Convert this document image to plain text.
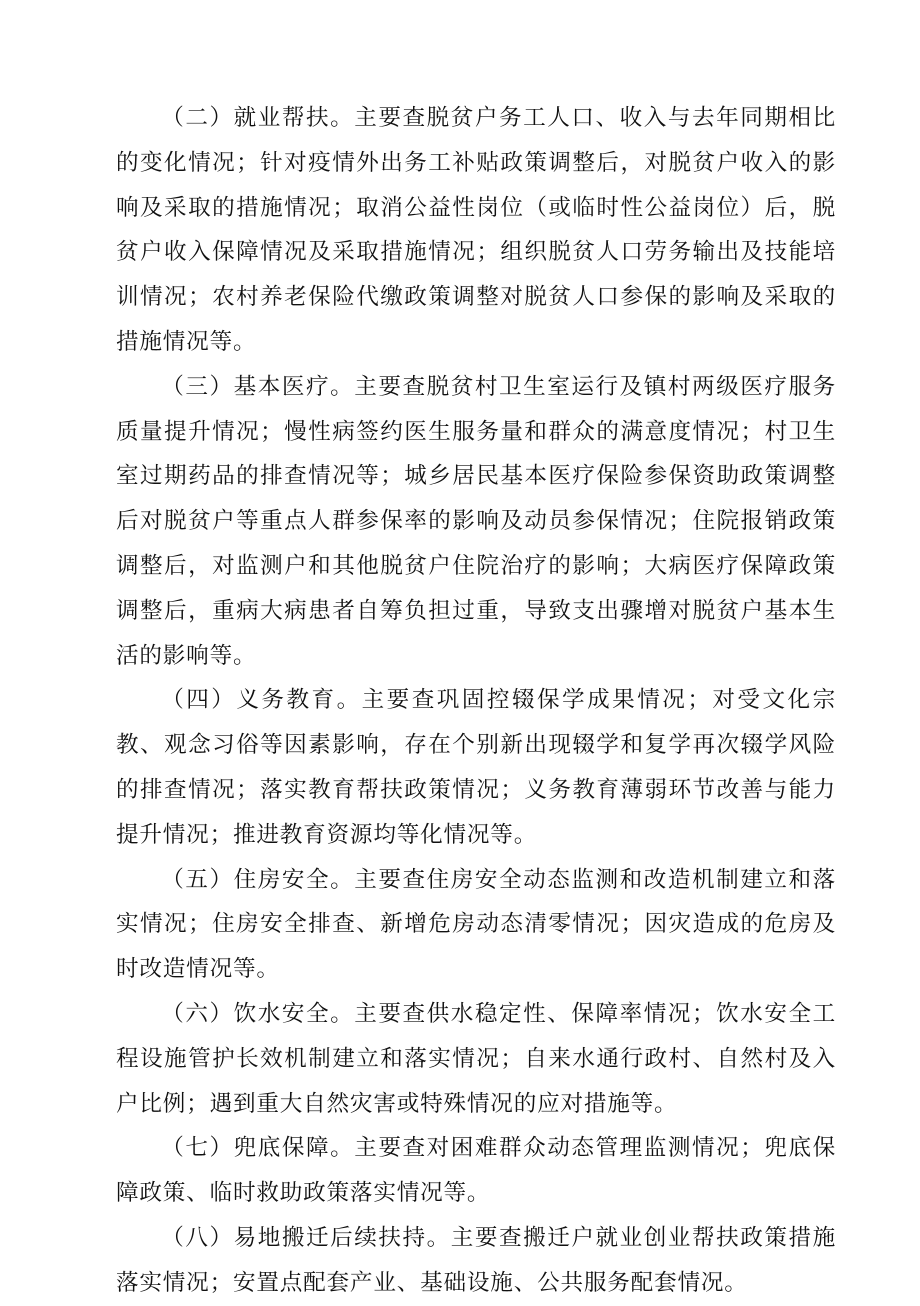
（二）就业帮扶。主要查脱贫户务工人口、收入与去年同期相比的变化情况；针对疫情外出务工补贴政策调整后，对脱贫户收入的影响及采取的措施情况；取消公益性岗位（或临时性公益岗位）后，脱贫户收入保障情况及采取措施情况；组织脱贫人口劳务输出及技能培训情况；农村养老保险代缴政策调整对脱贫人口参保的影响及采取的措施情况等。

（三）基本医疗。主要查脱贫村卫生室运行及镇村两级医疗服务质量提升情况；慢性病签约医生服务量和群众的满意度情况；村卫生室过期药品的排查情况等；城乡居民基本医疗保险参保资助政策调整后对脱贫户等重点人群参保率的影响及动员参保情况；住院报销政策调整后，对监测户和其他脱贫户住院治疗的影响；大病医疗保障政策调整后，重病大病患者自筹负担过重，导致支出骤增对脱贫户基本生活的影响等。

（四）义务教育。主要查巩固控辍保学成果情况；对受文化宗教、观念习俗等因素影响，存在个别新出现辍学和复学再次辍学风险的排查情况；落实教育帮扶政策情况；义务教育薄弱环节改善与能力提升情况；推进教育资源均等化情况等。

（五）住房安全。主要查住房安全动态监测和改造机制建立和落实情况；住房安全排查、新增危房动态清零情况；因灾造成的危房及时改造情况等。

（六）饮水安全。主要查供水稳定性、保障率情况；饮水安全工程设施管护长效机制建立和落实情况；自来水通行政村、自然村及入户比例；遇到重大自然灾害或特殊情况的应对措施等。

（七）兜底保障。主要查对困难群众动态管理监测情况；兜底保障政策、临时救助政策落实情况等。

（八）易地搬迁后续扶持。主要查搬迁户就业创业帮扶政策措施落实情况；安置点配套产业、基础设施、公共服务配套情况。
